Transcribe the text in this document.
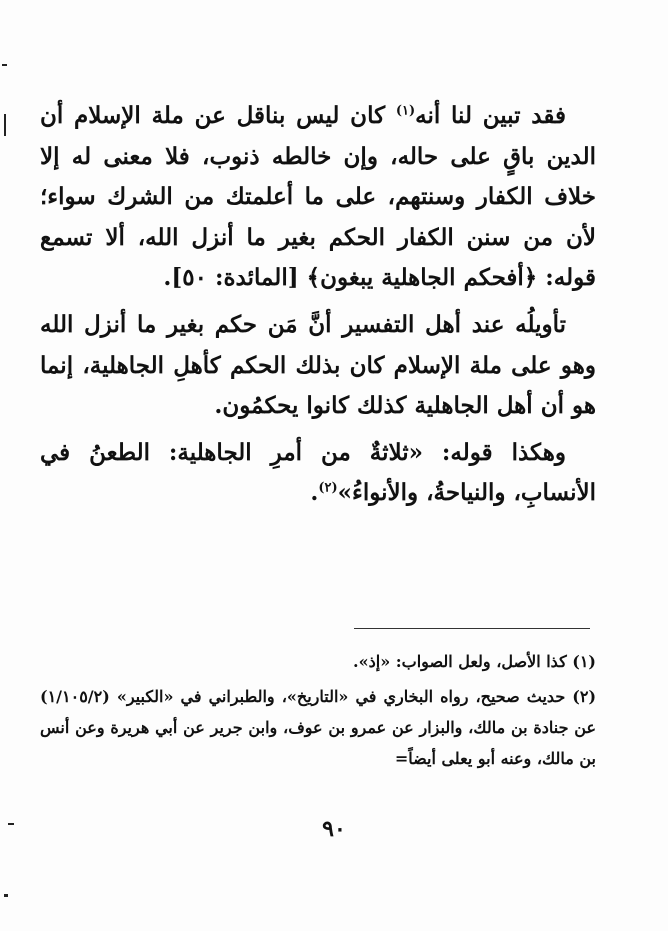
فقد تبين لنا أنه$^{(١)}$ كان ليس بناقل عن ملة الإسلام أن الدين باقٍ على حاله، وإن خالطه ذنوب، فلا معنى له إلا خلاف الكفار وسنتهم، على ما أعلمتك من الشرك سواء؛ لأن من سنن الكفار الحكم بغير ما أنزل الله، ألا تسمع قوله: ﴿أفحكم الجاهلية يبغون﴾ [المائدة: ٥٠].

تأويلُه عند أهل التفسير أنَّ مَن حكم بغير ما أنزل الله وهو على ملة الإسلام كان بذلك الحكم كأهلِ الجاهلية، إنما هو أن أهل الجاهلية كذلك كانوا يحكمُون.

وهكذا قوله: «ثلاثةٌ من أمرِ الجاهلية: الطعنُ في الأنسابِ، والنياحةُ، والأنواءُ»$^{(٢)}$.

(١) كذا الأصل، ولعل الصواب: «إذ».

(٢) حديث صحيح، رواه البخاري في «التاريخ»، والطبراني في «الكبير» (١/١٠٥/٢) عن جنادة بن مالك، والبزار عن عمرو بن عوف، وابن جرير عن أبي هريرة وعن أنس بن مالك، وعنه أبو يعلى أيضاً=

٩٠
